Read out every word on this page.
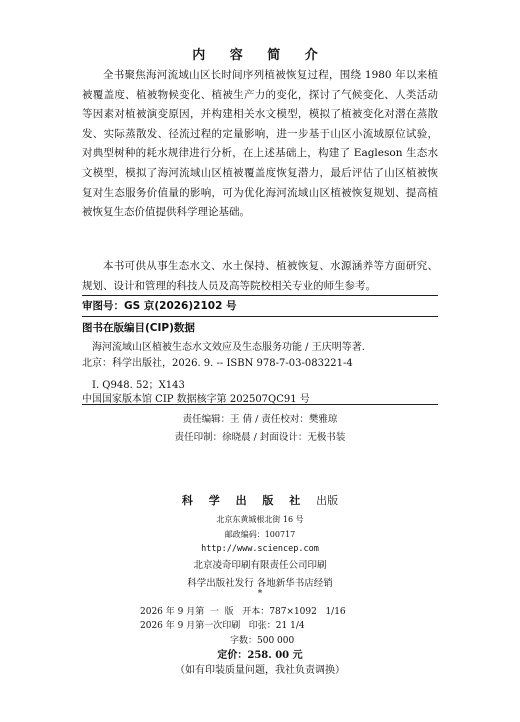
内 容 简 介
全书聚焦海河流域山区长时间序列植被恢复过程，围绕 1980 年以来植被覆盖度、植被物候变化、植被生产力的变化，探讨了气候变化、人类活动等因素对植被演变原因，并构建相关水文模型，模拟了植被变化对潜在蒸散发、实际蒸散发、径流过程的定量影响，进一步基于山区小流域原位试验，对典型树种的耗水规律进行分析，在上述基础上，构建了 Eagleson 生态水文模型，模拟了海河流域山区植被覆盖度恢复潜力，最后评估了山区植被恢复对生态服务价值量的影响，可为优化海河流域山区植被恢复规划、提高植被恢复生态价值提供科学理论基础。
本书可供从事生态水文、水土保持、植被恢复、水源涵养等方面研究、规划、设计和管理的科技人员及高等院校相关专业的师生参考。
审图号：GS 京(2026)2102 号
图书在版编目(CIP)数据
海河流域山区植被生态水文效应及生态服务功能 / 王庆明等著.
北京：科学出版社，2026. 9. -- ISBN 978-7-03-083221-4
Ⅰ. Q948. 52；X143
中国国家版本馆 CIP 数据核字第 202507QC91 号
责任编辑：王 倩 / 责任校对：樊雅琼
责任印制：徐晓晨 / 封面设计：无极书装
科 学 出 版 社 出版
北京东黄城根北街 16 号
邮政编码：100717
http://www.sciencep.com
北京凌奇印刷有限责任公司印刷
科学出版社发行 各地新华书店经销
*
2026 年 9 月第  一  版   开本：787×1092   1/16
2026 年 9 月第一次印刷   印张：21 1/4
字数：500 000
定价：258. 00 元
（如有印装质量问题，我社负责调换）
